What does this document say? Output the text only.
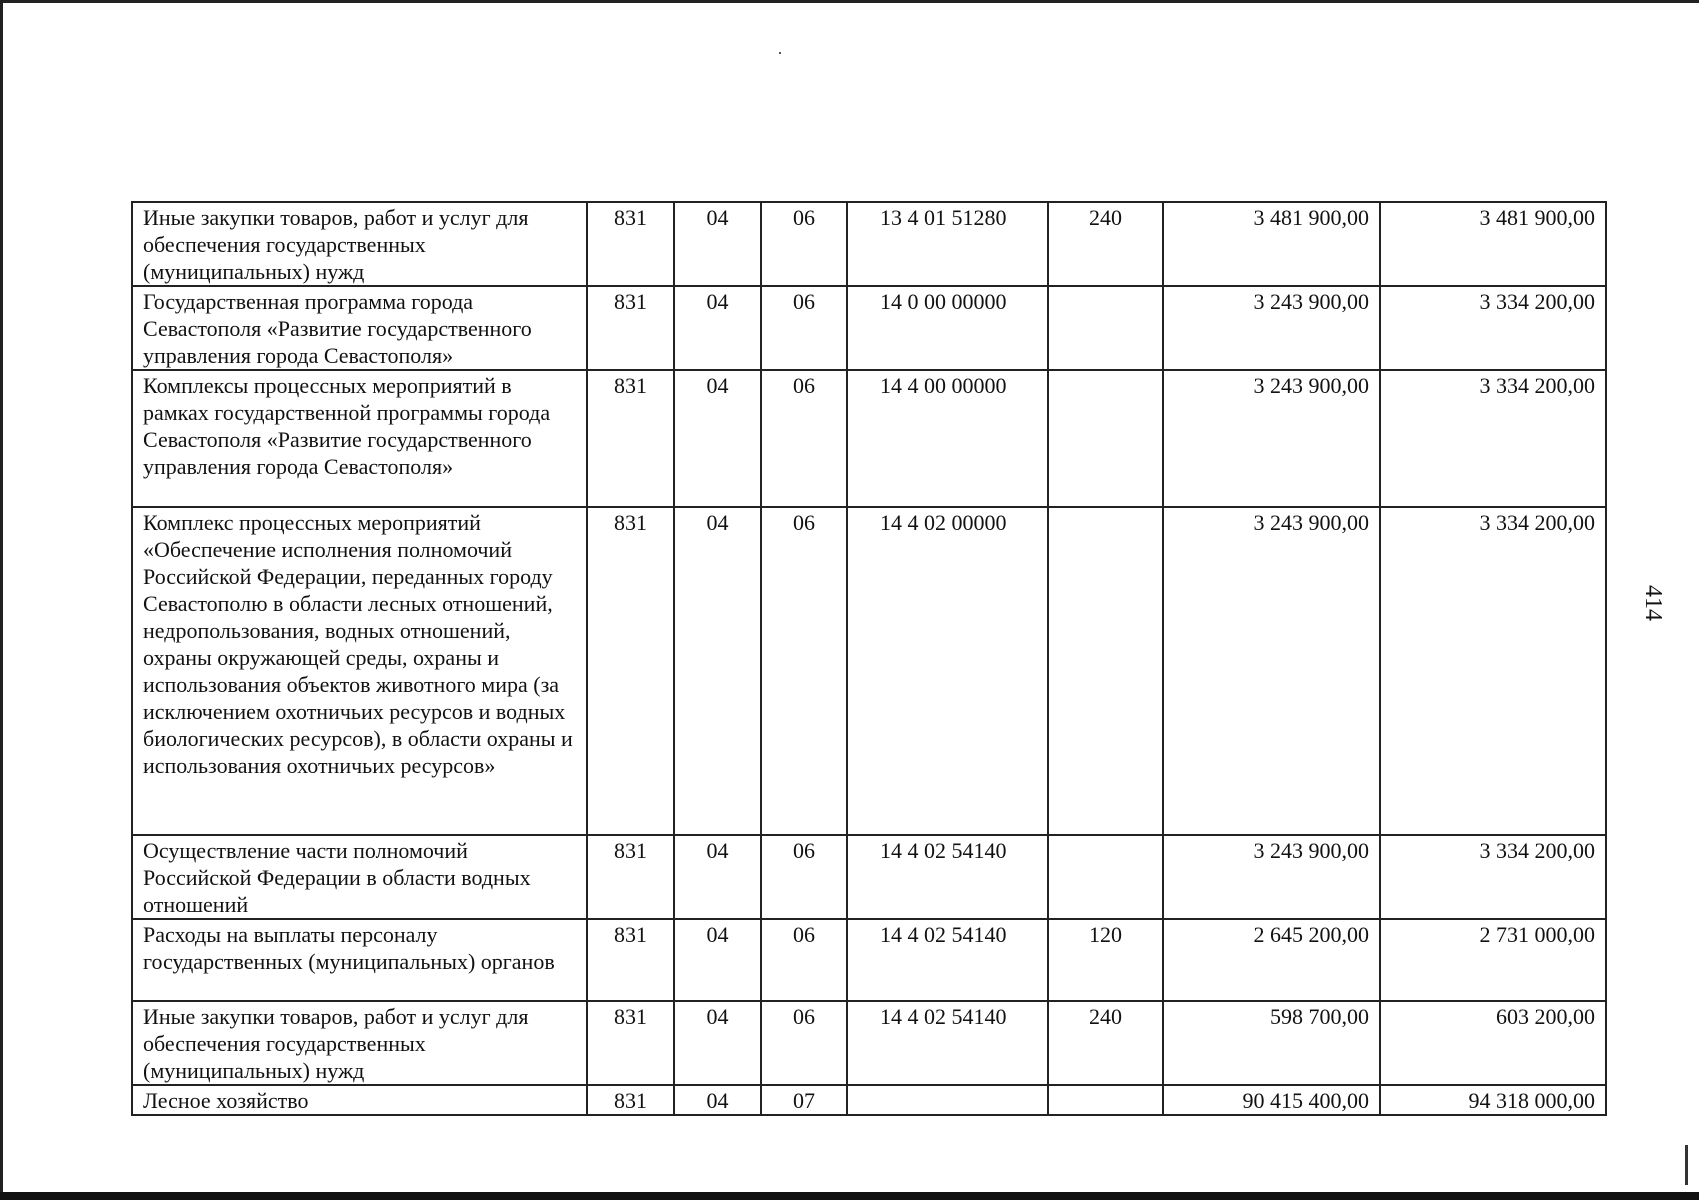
414
Иные закупки товаров, работ и услуг для обеспечения государственных (муниципальных) нужд	831	04	06	13 4 01 51280	240	3 481 900,00	3 481 900,00
Государственная программа города Севастополя «Развитие государственного управления города Севастополя»	831	04	06	14 0 00 00000		3 243 900,00	3 334 200,00
Комплексы процессных мероприятий в рамках государственной программы города Севастополя «Развитие государственного управления города Севастополя»	831	04	06	14 4 00 00000		3 243 900,00	3 334 200,00
Комплекс процессных мероприятий «Обеспечение исполнения полномочий Российской Федерации, переданных городу Севастополю в области лесных отношений, недропользования, водных отношений, охраны окружающей среды, охраны и использования объектов животного мира (за исключением охотничьих ресурсов и водных биологических ресурсов), в области охраны и использования охотничьих ресурсов»	831	04	06	14 4 02 00000		3 243 900,00	3 334 200,00
Осуществление части полномочий Российской Федерации в области водных отношений	831	04	06	14 4 02 54140		3 243 900,00	3 334 200,00
Расходы на выплаты персоналу государственных (муниципальных) органов	831	04	06	14 4 02 54140	120	2 645 200,00	2 731 000,00
Иные закупки товаров, работ и услуг для обеспечения государственных (муниципальных) нужд	831	04	06	14 4 02 54140	240	598 700,00	603 200,00
Лесное хозяйство	831	04	07			90 415 400,00	94 318 000,00
